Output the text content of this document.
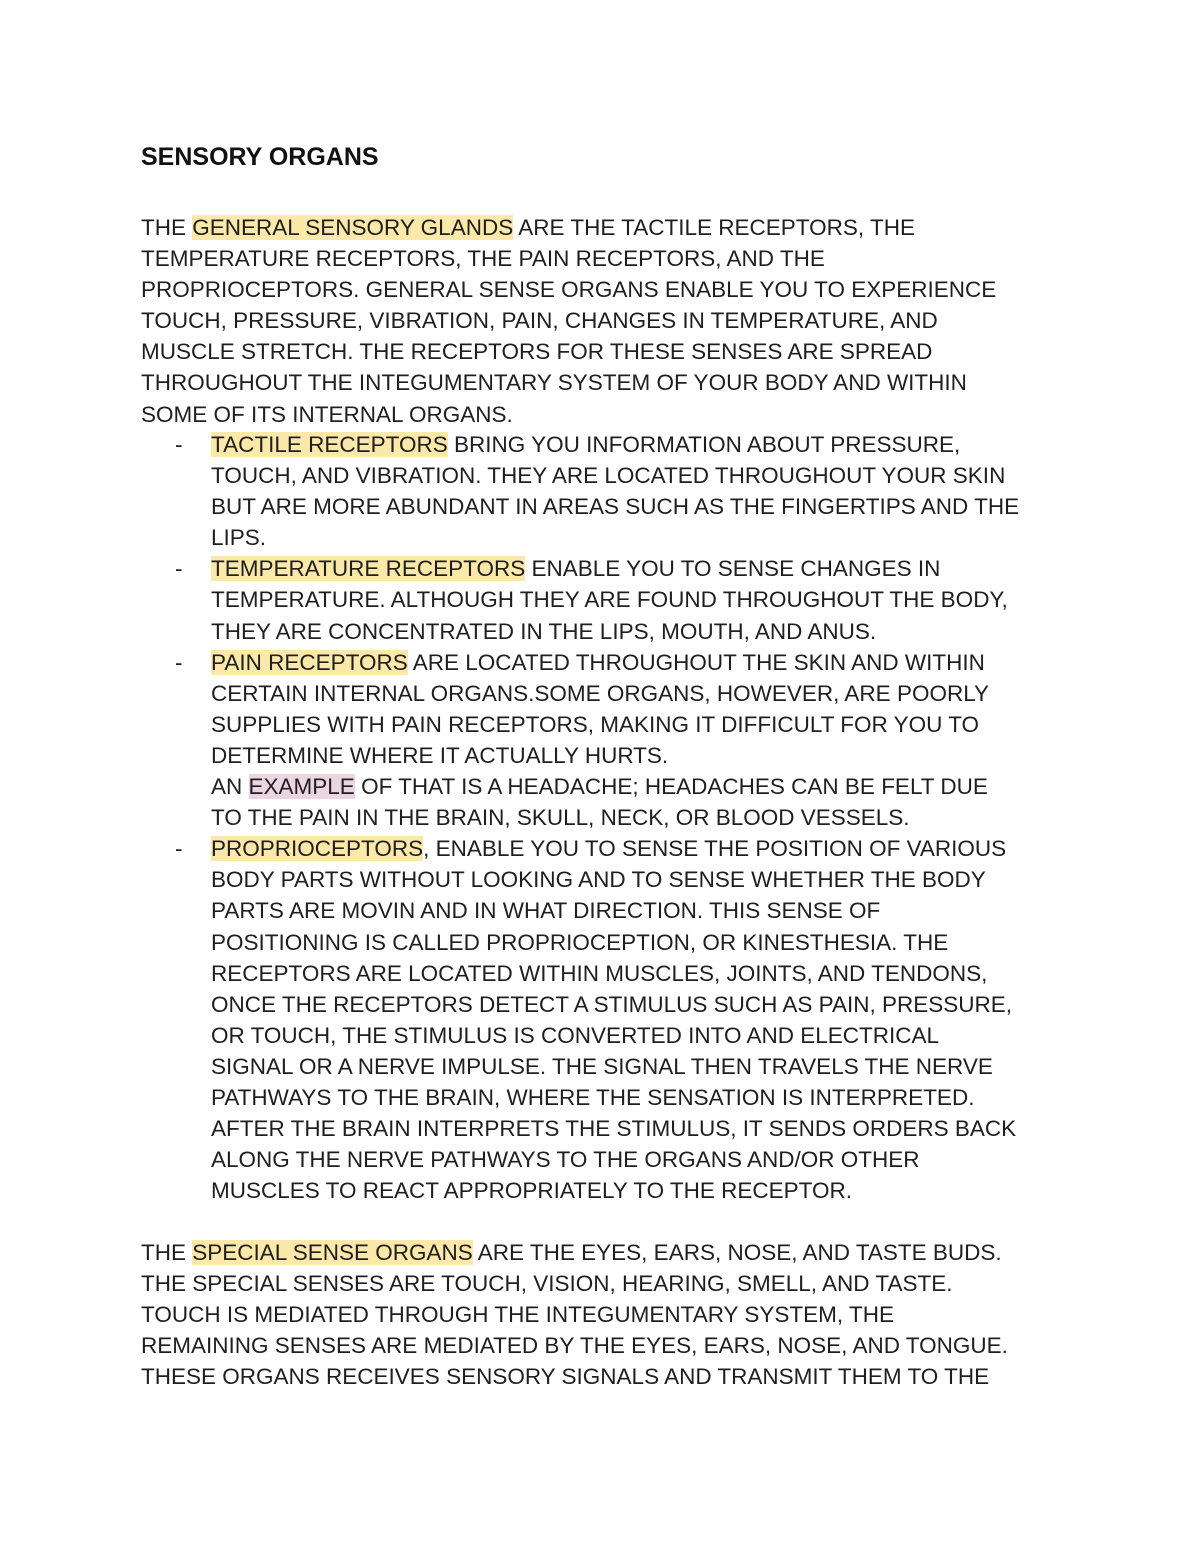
SENSORY ORGANS
THE GENERAL SENSORY GLANDS ARE THE TACTILE RECEPTORS, THE
TEMPERATURE RECEPTORS, THE PAIN RECEPTORS, AND THE
PROPRIOCEPTORS. GENERAL SENSE ORGANS ENABLE YOU TO EXPERIENCE
TOUCH, PRESSURE, VIBRATION, PAIN, CHANGES IN TEMPERATURE, AND
MUSCLE STRETCH. THE RECEPTORS FOR THESE SENSES ARE SPREAD
THROUGHOUT THE INTEGUMENTARY SYSTEM OF YOUR BODY AND WITHIN
SOME OF ITS INTERNAL ORGANS.
- TACTILE RECEPTORS BRING YOU INFORMATION ABOUT PRESSURE,
TOUCH, AND VIBRATION. THEY ARE LOCATED THROUGHOUT YOUR SKIN
BUT ARE MORE ABUNDANT IN AREAS SUCH AS THE FINGERTIPS AND THE
LIPS.
- TEMPERATURE RECEPTORS ENABLE YOU TO SENSE CHANGES IN
TEMPERATURE. ALTHOUGH THEY ARE FOUND THROUGHOUT THE BODY,
THEY ARE CONCENTRATED IN THE LIPS, MOUTH, AND ANUS.
- PAIN RECEPTORS ARE LOCATED THROUGHOUT THE SKIN AND WITHIN
CERTAIN INTERNAL ORGANS.SOME ORGANS, HOWEVER, ARE POORLY
SUPPLIES WITH PAIN RECEPTORS, MAKING IT DIFFICULT FOR YOU TO
DETERMINE WHERE IT ACTUALLY HURTS.
AN EXAMPLE OF THAT IS A HEADACHE; HEADACHES CAN BE FELT DUE
TO THE PAIN IN THE BRAIN, SKULL, NECK, OR BLOOD VESSELS.
- PROPRIOCEPTORS, ENABLE YOU TO SENSE THE POSITION OF VARIOUS
BODY PARTS WITHOUT LOOKING AND TO SENSE WHETHER THE BODY
PARTS ARE MOVIN AND IN WHAT DIRECTION. THIS SENSE OF
POSITIONING IS CALLED PROPRIOCEPTION, OR KINESTHESIA. THE
RECEPTORS ARE LOCATED WITHIN MUSCLES, JOINTS, AND TENDONS,
ONCE THE RECEPTORS DETECT A STIMULUS SUCH AS PAIN, PRESSURE,
OR TOUCH, THE STIMULUS IS CONVERTED INTO AND ELECTRICAL
SIGNAL OR A NERVE IMPULSE. THE SIGNAL THEN TRAVELS THE NERVE
PATHWAYS TO THE BRAIN, WHERE THE SENSATION IS INTERPRETED.
AFTER THE BRAIN INTERPRETS THE STIMULUS, IT SENDS ORDERS BACK
ALONG THE NERVE PATHWAYS TO THE ORGANS AND/OR OTHER
MUSCLES TO REACT APPROPRIATELY TO THE RECEPTOR.
THE SPECIAL SENSE ORGANS ARE THE EYES, EARS, NOSE, AND TASTE BUDS.
THE SPECIAL SENSES ARE TOUCH, VISION, HEARING, SMELL, AND TASTE.
TOUCH IS MEDIATED THROUGH THE INTEGUMENTARY SYSTEM, THE
REMAINING SENSES ARE MEDIATED BY THE EYES, EARS, NOSE, AND TONGUE.
THESE ORGANS RECEIVES SENSORY SIGNALS AND TRANSMIT THEM TO THE
